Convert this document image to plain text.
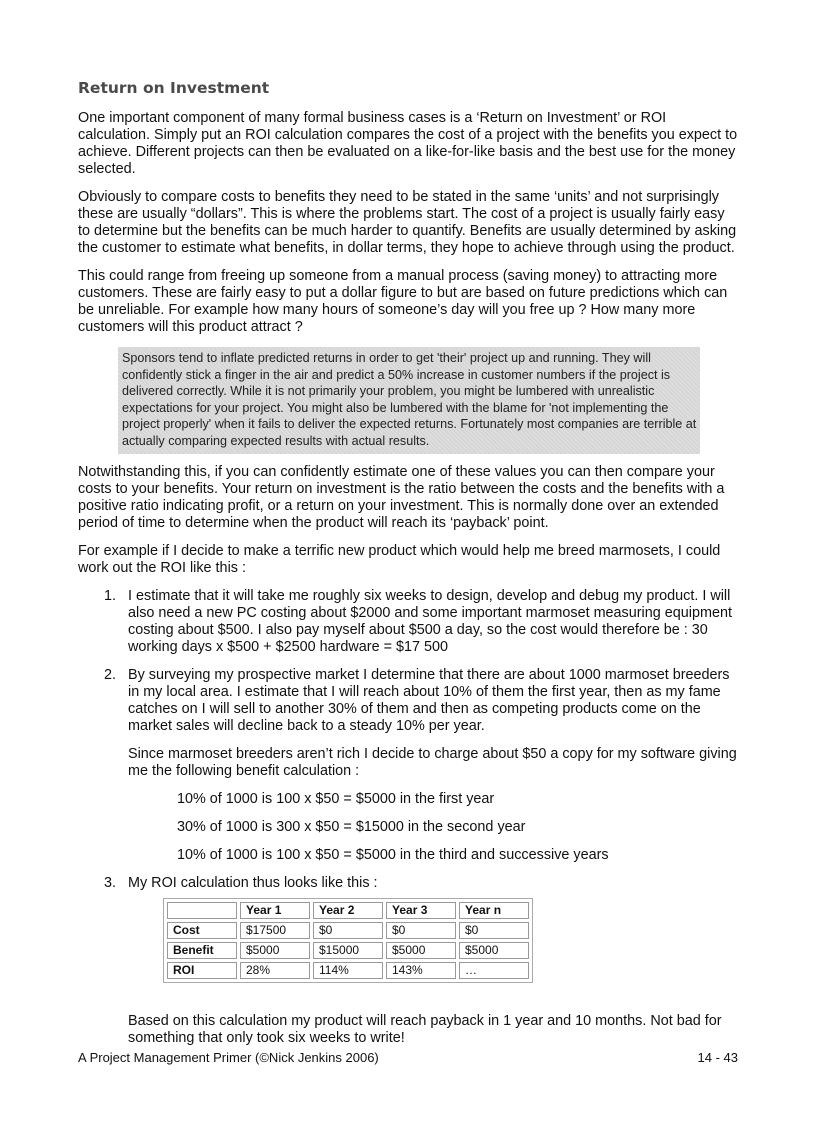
Return on Investment

One important component of many formal business cases is a ‘Return on Investment’ or ROI calculation. Simply put an ROI calculation compares the cost of a project with the benefits you expect to achieve. Different projects can then be evaluated on a like-for-like basis and the best use for the money selected.

Obviously to compare costs to benefits they need to be stated in the same ‘units’ and not surprisingly these are usually “dollars”. This is where the problems start. The cost of a project is usually fairly easy to determine but the benefits can be much harder to quantify. Benefits are usually determined by asking the customer to estimate what benefits, in dollar terms, they hope to achieve through using the product.

This could range from freeing up someone from a manual process (saving money) to attracting more customers. These are fairly easy to put a dollar figure to but are based on future predictions which can be unreliable. For example how many hours of someone’s day will you free up ? How many more customers will this product attract ?

Sponsors tend to inflate predicted returns in order to get 'their' project up and running. They will confidently stick a finger in the air and predict a 50% increase in customer numbers if the project is delivered correctly. While it is not primarily your problem, you might be lumbered with unrealistic expectations for your project. You might also be lumbered with the blame for 'not implementing the project properly' when it fails to deliver the expected returns. Fortunately most companies are terrible at actually comparing expected results with actual results.

Notwithstanding this, if you can confidently estimate one of these values you can then compare your costs to your benefits. Your return on investment is the ratio between the costs and the benefits with a positive ratio indicating profit, or a return on your investment. This is normally done over an extended period of time to determine when the product will reach its ‘payback’ point.

For example if I decide to make a terrific new product which would help me breed marmosets, I could work out the ROI like this :

1. I estimate that it will take me roughly six weeks to design, develop and debug my product. I will also need a new PC costing about $2000 and some important marmoset measuring equipment costing about $500. I also pay myself about $500 a day, so the cost would therefore be : 30 working days x $500 + $2500 hardware = $17 500
2. By surveying my prospective market I determine that there are about 1000 marmoset breeders in my local area. I estimate that I will reach about 10% of them the first year, then as my fame catches on I will sell to another 30% of them and then as competing products come on the market sales will decline back to a steady 10% per year.
Since marmoset breeders aren’t rich I decide to charge about $50 a copy for my software giving me the following benefit calculation :
10% of 1000 is 100 x $50 = $5000 in the first year
30% of 1000 is 300 x $50 = $15000 in the second year
10% of 1000 is 100 x $50 = $5000 in the third and successive years
3. My ROI calculation thus looks like this :
	Year 1	Year 2	Year 3	Year n
Cost	$17500	$0	$0	$0
Benefit	$5000	$15000	$5000	$5000
ROI	28%	114%	143%	…
Based on this calculation my product will reach payback in 1 year and 10 months. Not bad for something that only took six weeks to write!
A Project Management Primer (©Nick Jenkins 2006)	14 - 43
